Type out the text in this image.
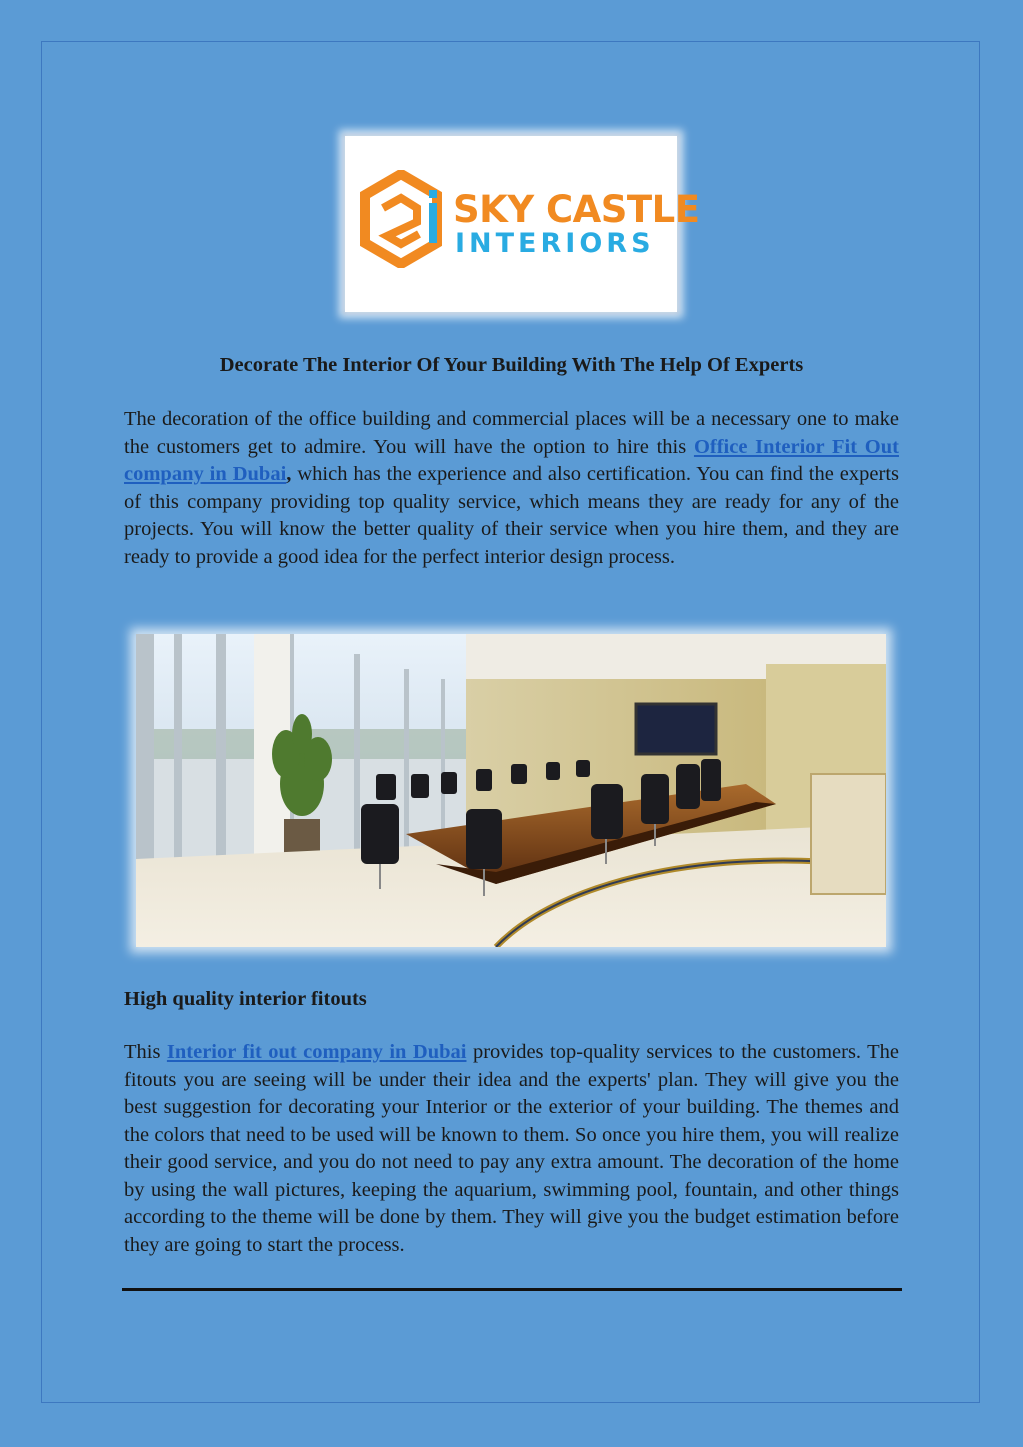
SKY CASTLE
INTERIORS
Decorate The Interior Of Your Building With The Help Of Experts

The decoration of the office building and commercial places will be a necessary one to make the customers get to admire. You will have the option to hire this Office Interior Fit Out company in Dubai, which has the experience and also certification. You can find the experts of this company providing top quality service, which means they are ready for any of the projects. You will know the better quality of their service when you hire them, and they are ready to provide a good idea for the perfect interior design process.

High quality interior fitouts

This Interior fit out company in Dubai provides top-quality services to the customers. The fitouts you are seeing will be under their idea and the experts' plan. They will give you the best suggestion for decorating your Interior or the exterior of your building. The themes and the colors that need to be used will be known to them. So once you hire them, you will realize their good service, and you do not need to pay any extra amount. The decoration of the home by using the wall pictures, keeping the aquarium, swimming pool, fountain, and other things according to the theme will be done by them. They will give you the budget estimation before they are going to start the process.
